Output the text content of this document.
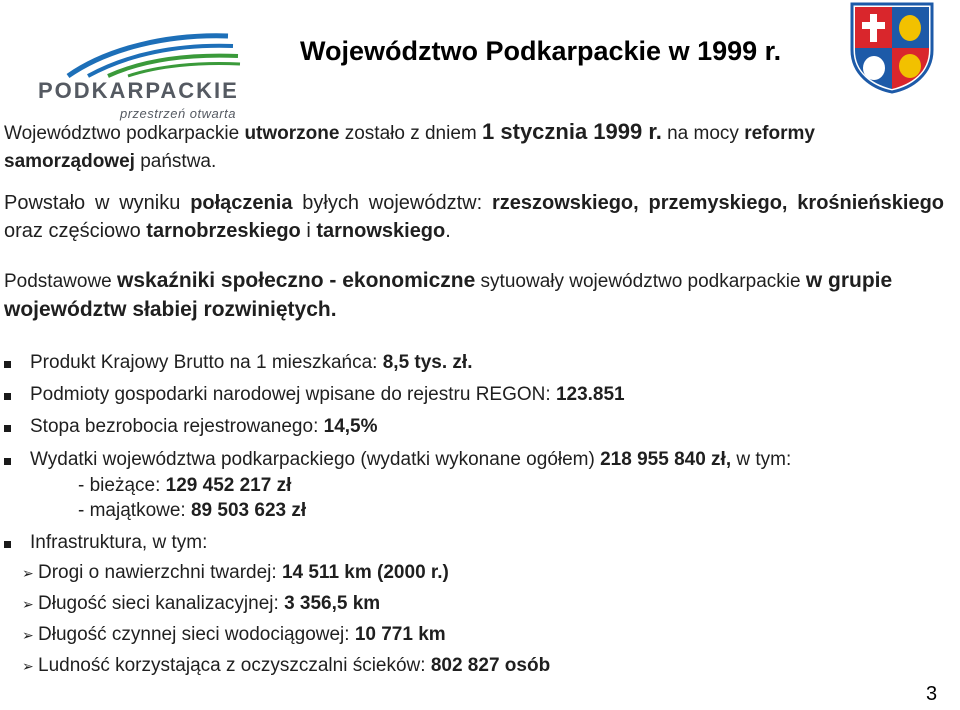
PODKARPACKIE
przestrzeń otwarta
Województwo Podkarpackie w 1999 r.
Województwo podkarpackie utworzone zostało z dniem 1 stycznia 1999 r. na mocy reformy samorządowej państwa.
Powstało w wyniku połączenia byłych województw: rzeszowskiego, przemyskiego, krośnieńskiego oraz częściowo tarnobrzeskiego i tarnowskiego.
Podstawowe wskaźniki społeczno - ekonomiczne sytuowały województwo podkarpackie w grupie województw słabiej rozwiniętych.
Produkt Krajowy Brutto na 1 mieszkańca: 8,5 tys. zł.
Podmioty gospodarki narodowej wpisane do rejestru REGON: 123.851
Stopa bezrobocia rejestrowanego: 14,5%
Wydatki województwa podkarpackiego (wydatki wykonane ogółem) 218 955 840 zł, w tym:
- bieżące: 129 452 217 zł
- majątkowe: 89 503 623 zł
Infrastruktura, w tym:
➢ Drogi o nawierzchni twardej: 14 511 km (2000 r.)
➢ Długość sieci kanalizacyjnej: 3 356,5 km
➢ Długość czynnej sieci wodociągowej: 10 771 km
➢ Ludność korzystająca z oczyszczalni ścieków: 802 827 osób
3
